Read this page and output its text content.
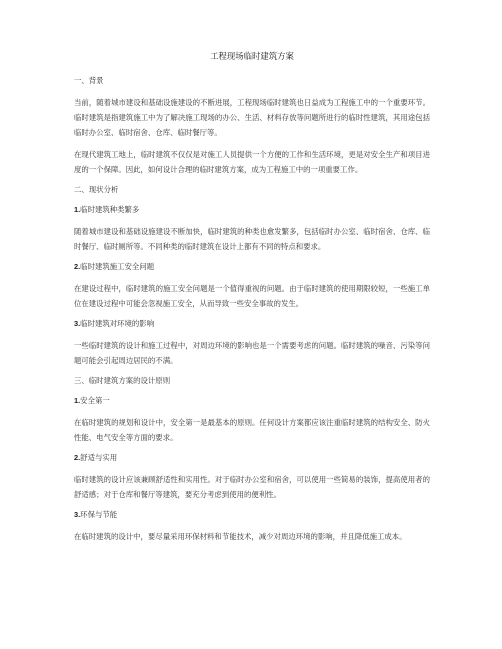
工程现场临时建筑方案
一、背景

当前，随着城市建设和基础设施建设的不断进展，工程现场临时建筑也日益成为工程施工中的一个重要环节。临时建筑是指建筑施工中为了解决施工现场的办公、生活、材料存放等问题所进行的临时性建筑，其用途包括临时办公室、临时宿舍、仓库、临时餐厅等。

在现代建筑工地上，临时建筑不仅仅是对施工人员提供一个方便的工作和生活环境，更是对安全生产和项目进度的一个保障。因此，如何设计合理的临时建筑方案，成为工程施工中的一项重要工作。

二、现状分析
1.临时建筑种类繁多

随着城市建设和基础设施建设不断加快，临时建筑的种类也愈发繁多，包括临时办公室、临时宿舍、仓库、临时餐厅、临时厕所等。不同种类的临时建筑在设计上都有不同的特点和要求。

2.临时建筑施工安全问题

在建设过程中，临时建筑的施工安全问题是一个值得重视的问题。由于临时建筑的使用期限较短，一些施工单位在建设过程中可能会忽视施工安全，从而导致一些安全事故的发生。

3.临时建筑对环境的影响

一些临时建筑的设计和施工过程中，对周边环境的影响也是一个需要考虑的问题。临时建筑的噪音、污染等问题可能会引起周边居民的不满。

三、临时建筑方案的设计原则
1.安全第一

在临时建筑的规划和设计中，安全第一是最基本的原则。任何设计方案都应该注重临时建筑的结构安全、防火性能、电气安全等方面的要求。

2.舒适与实用

临时建筑的设计应该兼顾舒适性和实用性。对于临时办公室和宿舍，可以使用一些简易的装饰，提高使用者的舒适感；对于仓库和餐厅等建筑，要充分考虑到使用的便利性。

3.环保与节能

在临时建筑的设计中，要尽量采用环保材料和节能技术，减少对周边环境的影响，并且降低施工成本。
